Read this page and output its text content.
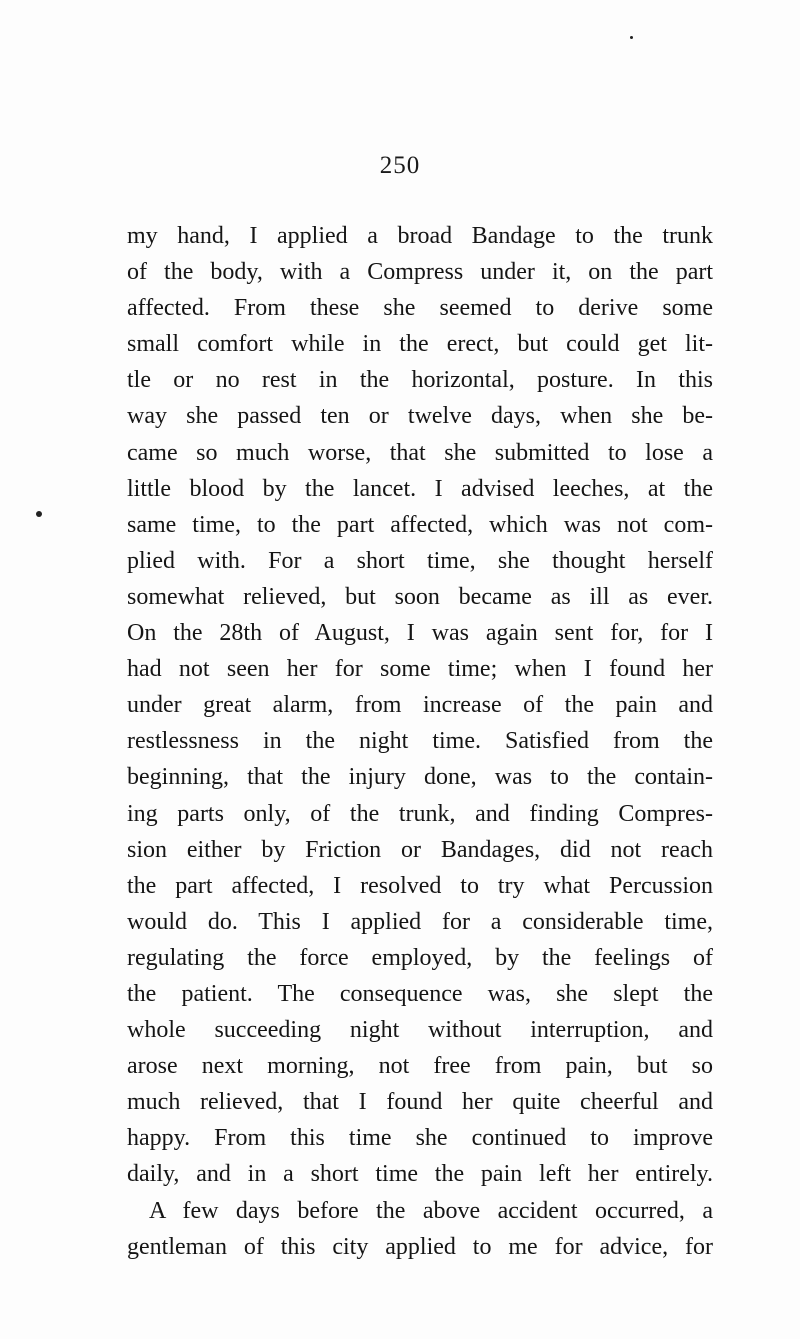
250
my hand, I applied a broad Bandage to the trunk
of the body, with a Compress under it, on the part
affected. From these she seemed to derive some
small comfort while in the erect, but could get lit-
tle or no rest in the horizontal, posture. In this
way she passed ten or twelve days, when she be-
came so much worse, that she submitted to lose a
little blood by the lancet. I advised leeches, at the
same time, to the part affected, which was not com-
plied with. For a short time, she thought herself
somewhat relieved, but soon became as ill as ever.
On the 28th of August, I was again sent for, for I
had not seen her for some time; when I found her
under great alarm, from increase of the pain and
restlessness in the night time. Satisfied from the
beginning, that the injury done, was to the contain-
ing parts only, of the trunk, and finding Compres-
sion either by Friction or Bandages, did not reach
the part affected, I resolved to try what Percussion
would do. This I applied for a considerable time,
regulating the force employed, by the feelings of
the patient. The consequence was, she slept the
whole succeeding night without interruption, and
arose next morning, not free from pain, but so
much relieved, that I found her quite cheerful and
happy. From this time she continued to improve
daily, and in a short time the pain left her entirely.
A few days before the above accident occurred, a
gentleman of this city applied to me for advice, for
